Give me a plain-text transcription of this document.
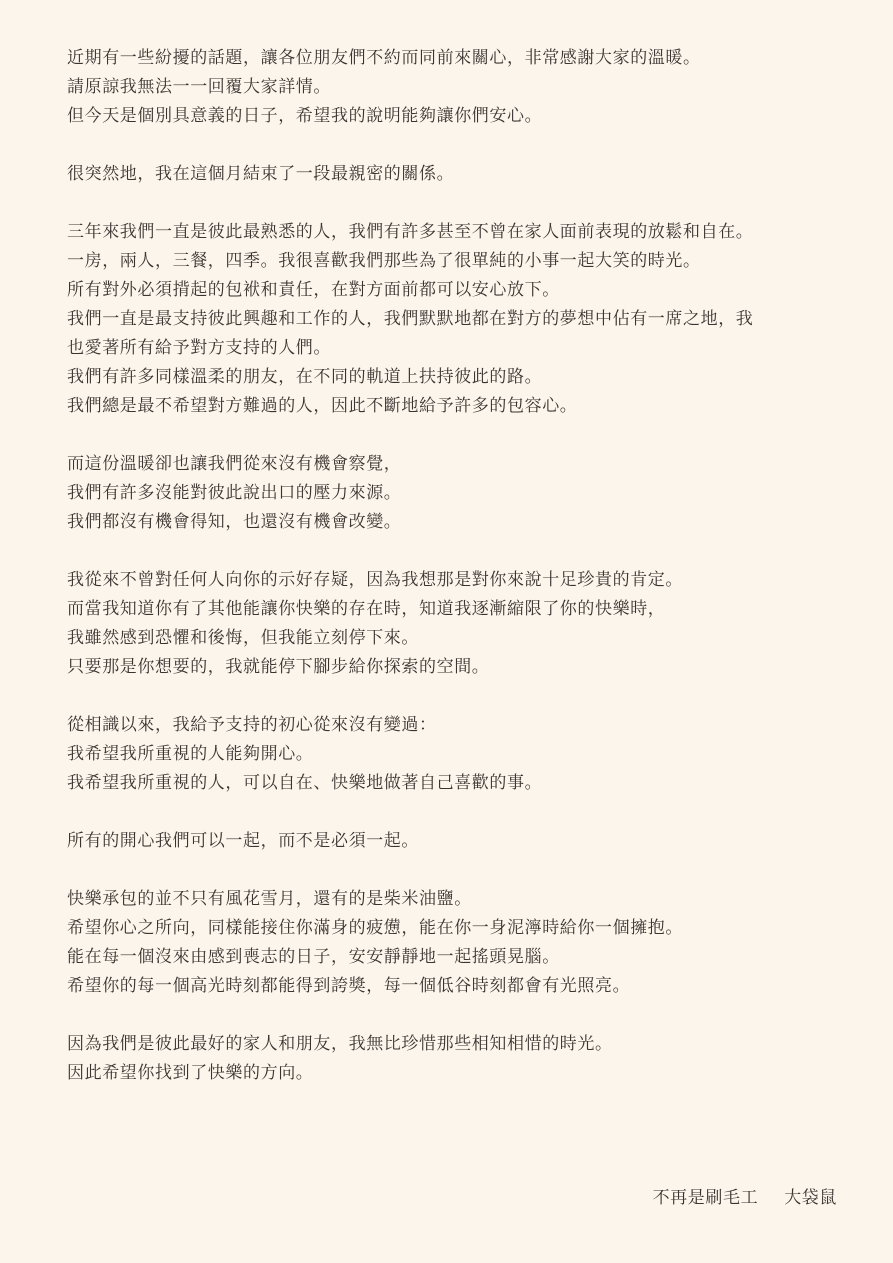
近期有一些紛擾的話題，讓各位朋友們不約而同前來關心，非常感謝大家的溫暖。
請原諒我無法一一回覆大家詳情。
但今天是個別具意義的日子，希望我的說明能夠讓你們安心。
很突然地，我在這個月結束了一段最親密的關係。
三年來我們一直是彼此最熟悉的人，我們有許多甚至不曾在家人面前表現的放鬆和自在。
一房，兩人，三餐，四季。我很喜歡我們那些為了很單純的小事一起大笑的時光。
所有對外必須揹起的包袱和責任，在對方面前都可以安心放下。
我們一直是最支持彼此興趣和工作的人，我們默默地都在對方的夢想中佔有一席之地，我
也愛著所有給予對方支持的人們。
我們有許多同樣溫柔的朋友，在不同的軌道上扶持彼此的路。
我們總是最不希望對方難過的人，因此不斷地給予許多的包容心。
而這份溫暖卻也讓我們從來沒有機會察覺，
我們有許多沒能對彼此說出口的壓力來源。
我們都沒有機會得知，也還沒有機會改變。
我從來不曾對任何人向你的示好存疑，因為我想那是對你來說十足珍貴的肯定。
而當我知道你有了其他能讓你快樂的存在時，知道我逐漸縮限了你的快樂時，
我雖然感到恐懼和後悔，但我能立刻停下來。
只要那是你想要的，我就能停下腳步給你探索的空間。
從相識以來，我給予支持的初心從來沒有變過：
我希望我所重視的人能夠開心。
我希望我所重視的人，可以自在、快樂地做著自己喜歡的事。
所有的開心我們可以一起，而不是必須一起。
快樂承包的並不只有風花雪月，還有的是柴米油鹽。
希望你心之所向，同樣能接住你滿身的疲憊，能在你一身泥濘時給你一個擁抱。
能在每一個沒來由感到喪志的日子，安安靜靜地一起搖頭晃腦。
希望你的每一個高光時刻都能得到誇獎，每一個低谷時刻都會有光照亮。
因為我們是彼此最好的家人和朋友，我無比珍惜那些相知相惜的時光。
因此希望你找到了快樂的方向。
不再是刷毛工 大袋鼠
